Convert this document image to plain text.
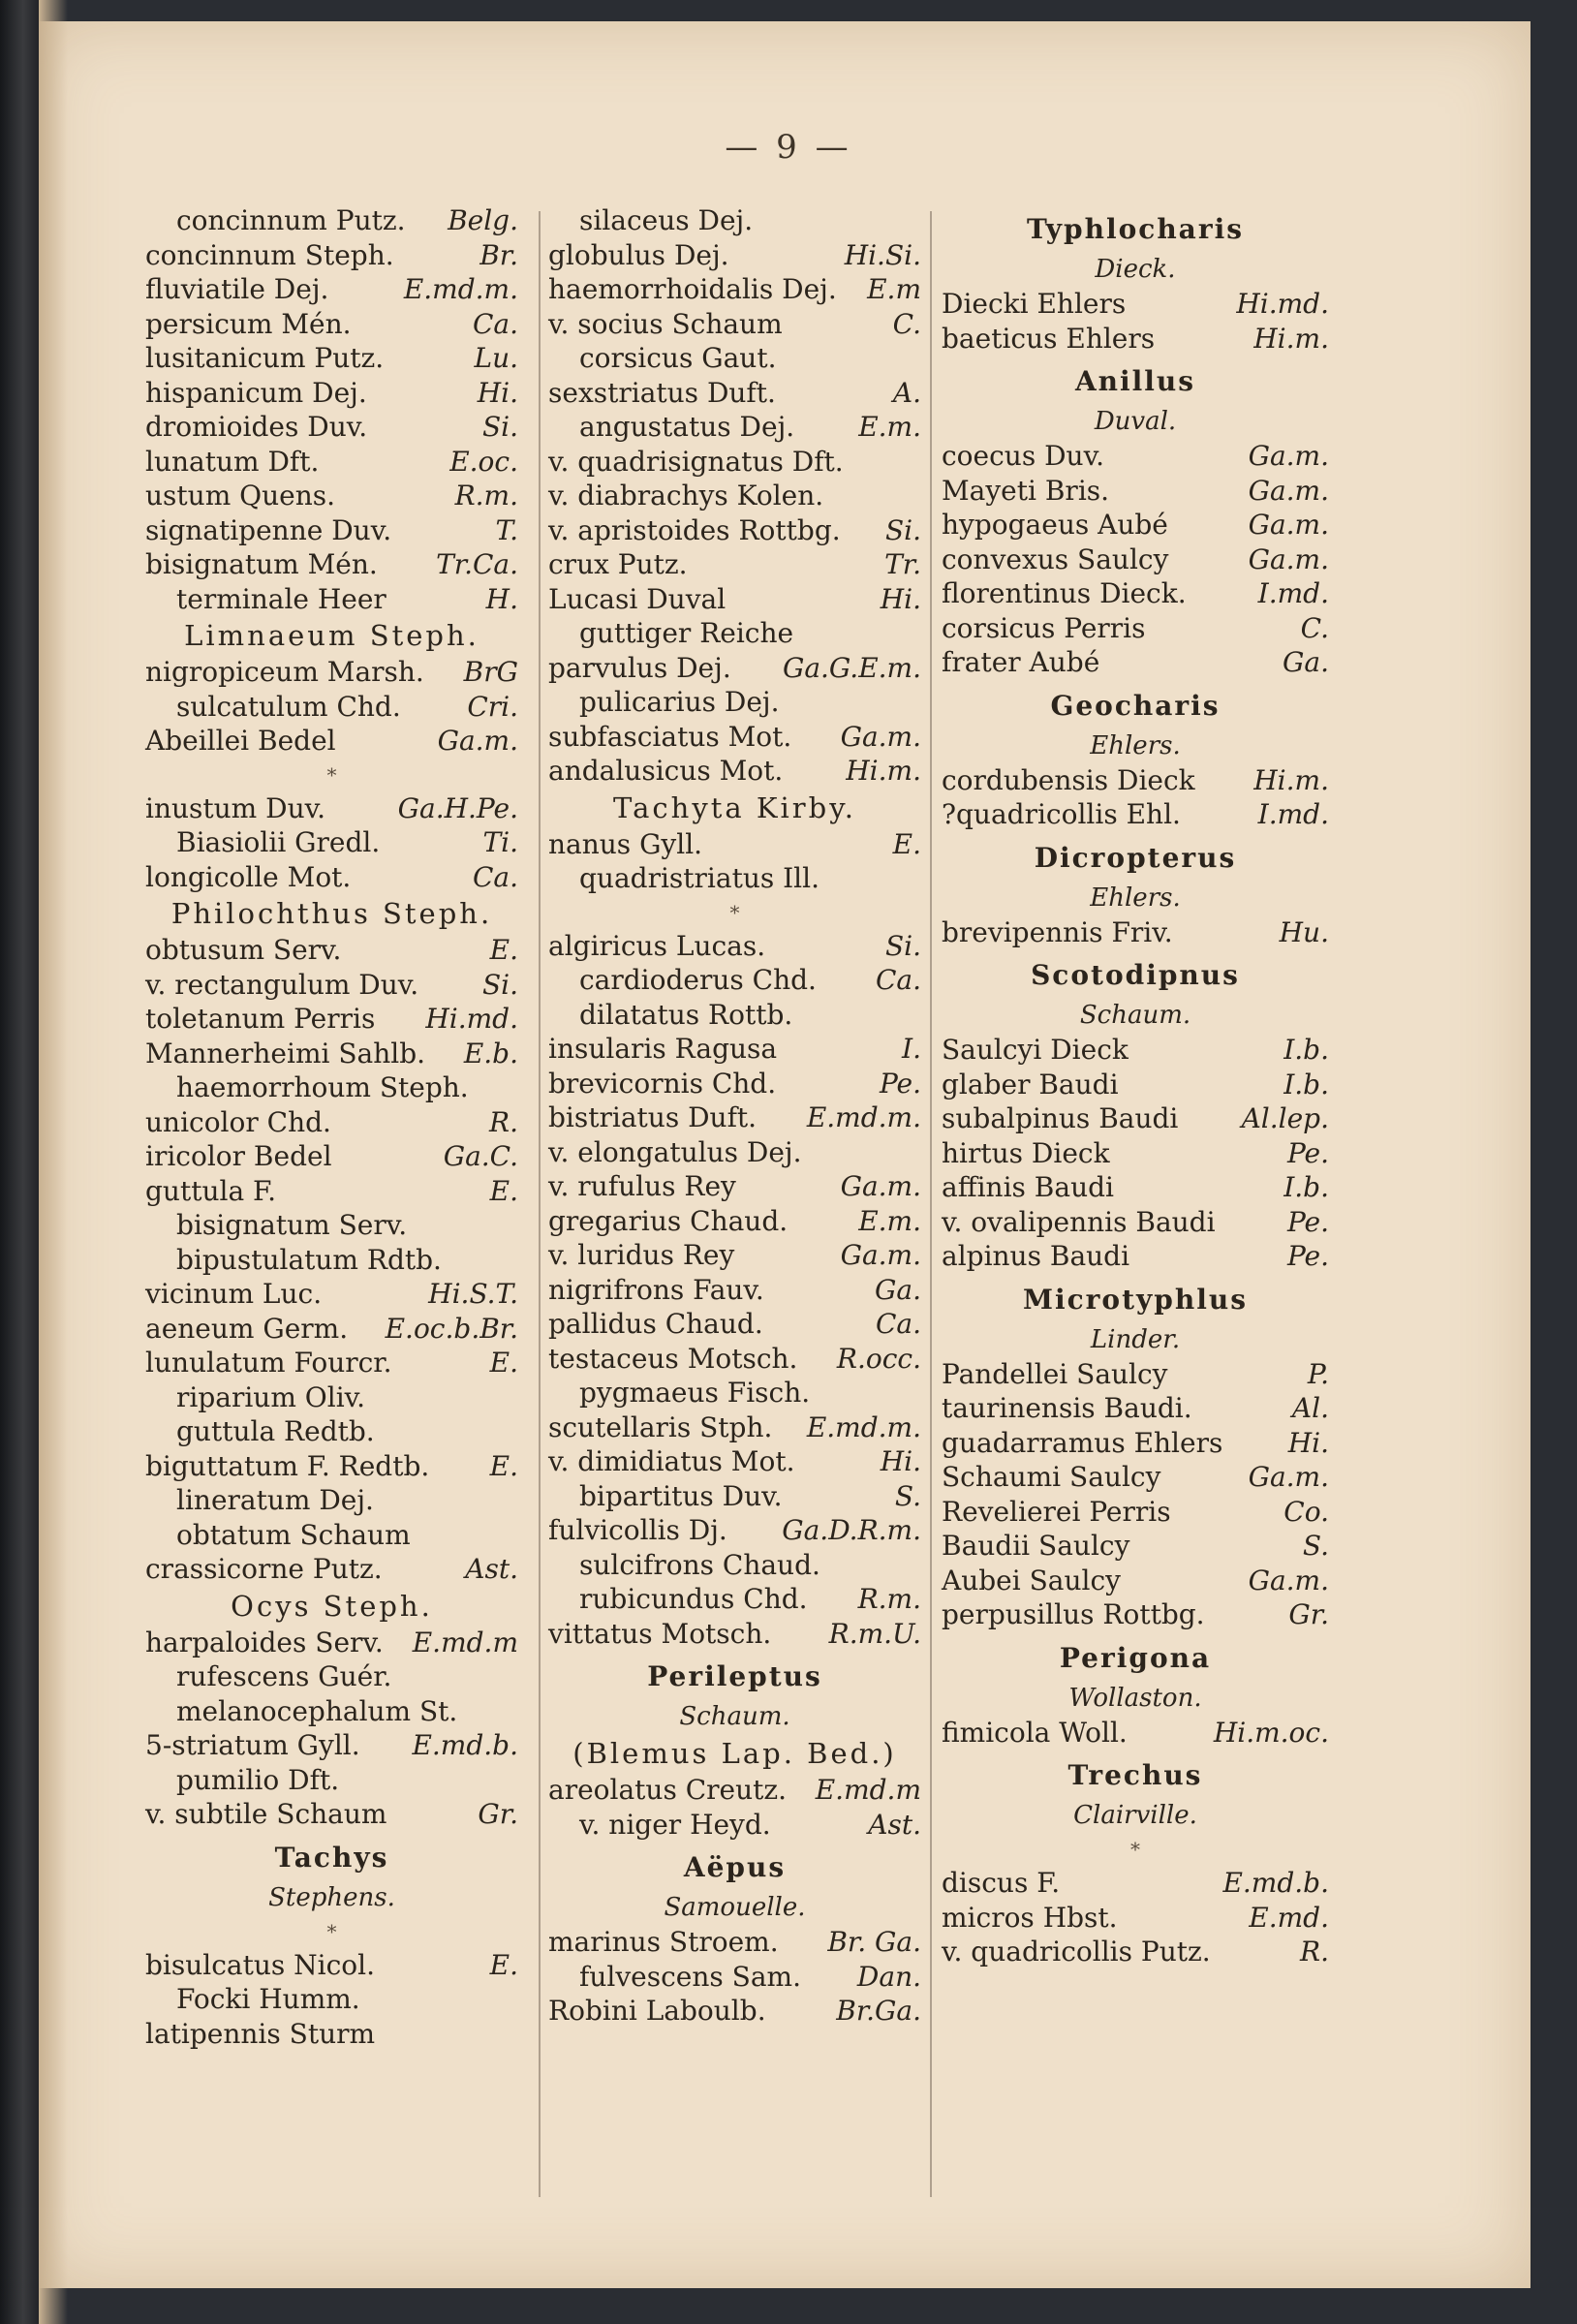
— 9 —
concinnum Putz. Belg.
concinnum Steph.	Br.
fluviatile Dej.	E.md.m.
persicum Mén.	Ca.
lusitanicum Putz.	Lu.
hispanicum Dej.	Hi.
dromioides Duv.	Si.
lunatum Dft.	E.oc.
ustum Quens.	R.m.
signatipenne Duv.	T.
bisignatum Mén. Tr.Ca.
terminale Heer	H.
Limnaeum Steph.
nigropiceum Marsh. BrG
sulcatulum Chd. Cri.
Abeillei Bedel	Ga.m.
*
inustum Duv.	Ga.H.Pe.
Biasiolii Gredl.	Ti.
longicolle Mot.	Ca.
Philochthus Steph.
obtusum Serv.	E.
v. rectangulum Duv. Si.
toletanum Perris Hi.md.
Mannerheimi Sahlb. E.b.
haemorrhoum Steph.
unicolor Chd.	R.
iricolor Bedel	Ga.C.
guttula F.	E.
bisignatum Serv.
bipustulatum Rdtb.
vicinum Luc.	Hi.S.T.
aeneum Germ. E.oc.b.Br.
lunulatum Fourcr.	E.
riparium Oliv.
guttula Redtb.
biguttatum F. Redtb. E.
lineratum Dej.
obtatum Schaum
crassicorne Putz.	Ast.
Ocys Steph.
harpaloides Serv. E.md.m
rufescens Guér.
melanocephalum St.
5-striatum Gyll. E.md.b.
pumilio Dft.
v. subtile Schaum	Gr.
Tachys
Stephens.
*
bisulcatus Nicol.	E.
Focki Humm.
latipennis Sturm
silaceus Dej.
globulus Dej.	Hi.Si.
haemorrhoidalis Dej. E.m
v. socius Schaum	C.
corsicus Gaut.
sexstriatus Duft.	A.
angustatus Dej. E.m.
v. quadrisignatus Dft.
v. diabrachys Kolen.
v. apristoides Rottbg. Si.
crux Putz.	Tr.
Lucasi Duval	Hi.
guttiger Reiche
parvulus Dej. Ga.G.E.m.
pulicarius Dej.
subfasciatus Mot. Ga.m.
andalusicus Mot. Hi.m.
Tachyta Kirby.
nanus Gyll.	E.
quadristriatus Ill.
*
algiricus Lucas.	Si.
cardioderus Chd. Ca.
dilatatus Rottb.
insularis Ragusa	I.
brevicornis Chd.	Pe.
bistriatus Duft. E.md.m.
v. elongatulus Dej.
v. rufulus Rey	Ga.m.
gregarius Chaud.	E.m.
v. luridus Rey	Ga.m.
nigrifrons Fauv.	Ga.
pallidus Chaud.	Ca.
testaceus Motsch. R.occ.
pygmaeus Fisch.
scutellaris Stph. E.md.m.
v. dimidiatus Mot.	Hi.
bipartitus Duv.	S.
fulvicollis Dj. Ga.D.R.m.
sulcifrons Chaud.
rubicundus Chd. R.m.
vittatus Motsch. R.m.U.
Perileptus
Schaum.
(Blemus Lap. Bed.)
areolatus Creutz. E.md.m
v. niger Heyd.	Ast.
Aëpus
Samouelle.
marinus Stroem. Br. Ga.
fulvescens Sam. Dan.
Robini Laboulb.	Br.Ga.
Typhlocharis
Dieck.
Diecki Ehlers	Hi.md.
baeticus Ehlers	Hi.m.
Anillus
Duval.
coecus Duv.	Ga.m.
Mayeti Bris.	Ga.m.
hypogaeus Aubé	Ga.m.
convexus Saulcy	Ga.m.
florentinus Dieck.	I.md.
corsicus Perris	C.
frater Aubé	Ga.
Geocharis
Ehlers.
cordubensis Dieck Hi.m.
?quadricollis Ehl.	I.md.
Dicropterus
Ehlers.
brevipennis Friv.	Hu.
Scotodipnus
Schaum.
Saulcyi Dieck	I.b.
glaber Baudi	I.b.
subalpinus Baudi Al.lep.
hirtus Dieck	Pe.
affinis Baudi	I.b.
v. ovalipennis Baudi	Pe.
alpinus Baudi	Pe.
Microtyphlus
Linder.
Pandellei Saulcy	P.
taurinensis Baudi.	Al.
guadarramus Ehlers Hi.
Schaumi Saulcy	Ga.m.
Revelierei Perris	Co.
Baudii Saulcy	S.
Aubei Saulcy	Ga.m.
perpusillus Rottbg.	Gr.
Perigona
Wollaston.
fimicola Woll.	Hi.m.oc.
Trechus
Clairville.
*
discus F.	E.md.b.
micros Hbst.	E.md.
v. quadricollis Putz.	R.
